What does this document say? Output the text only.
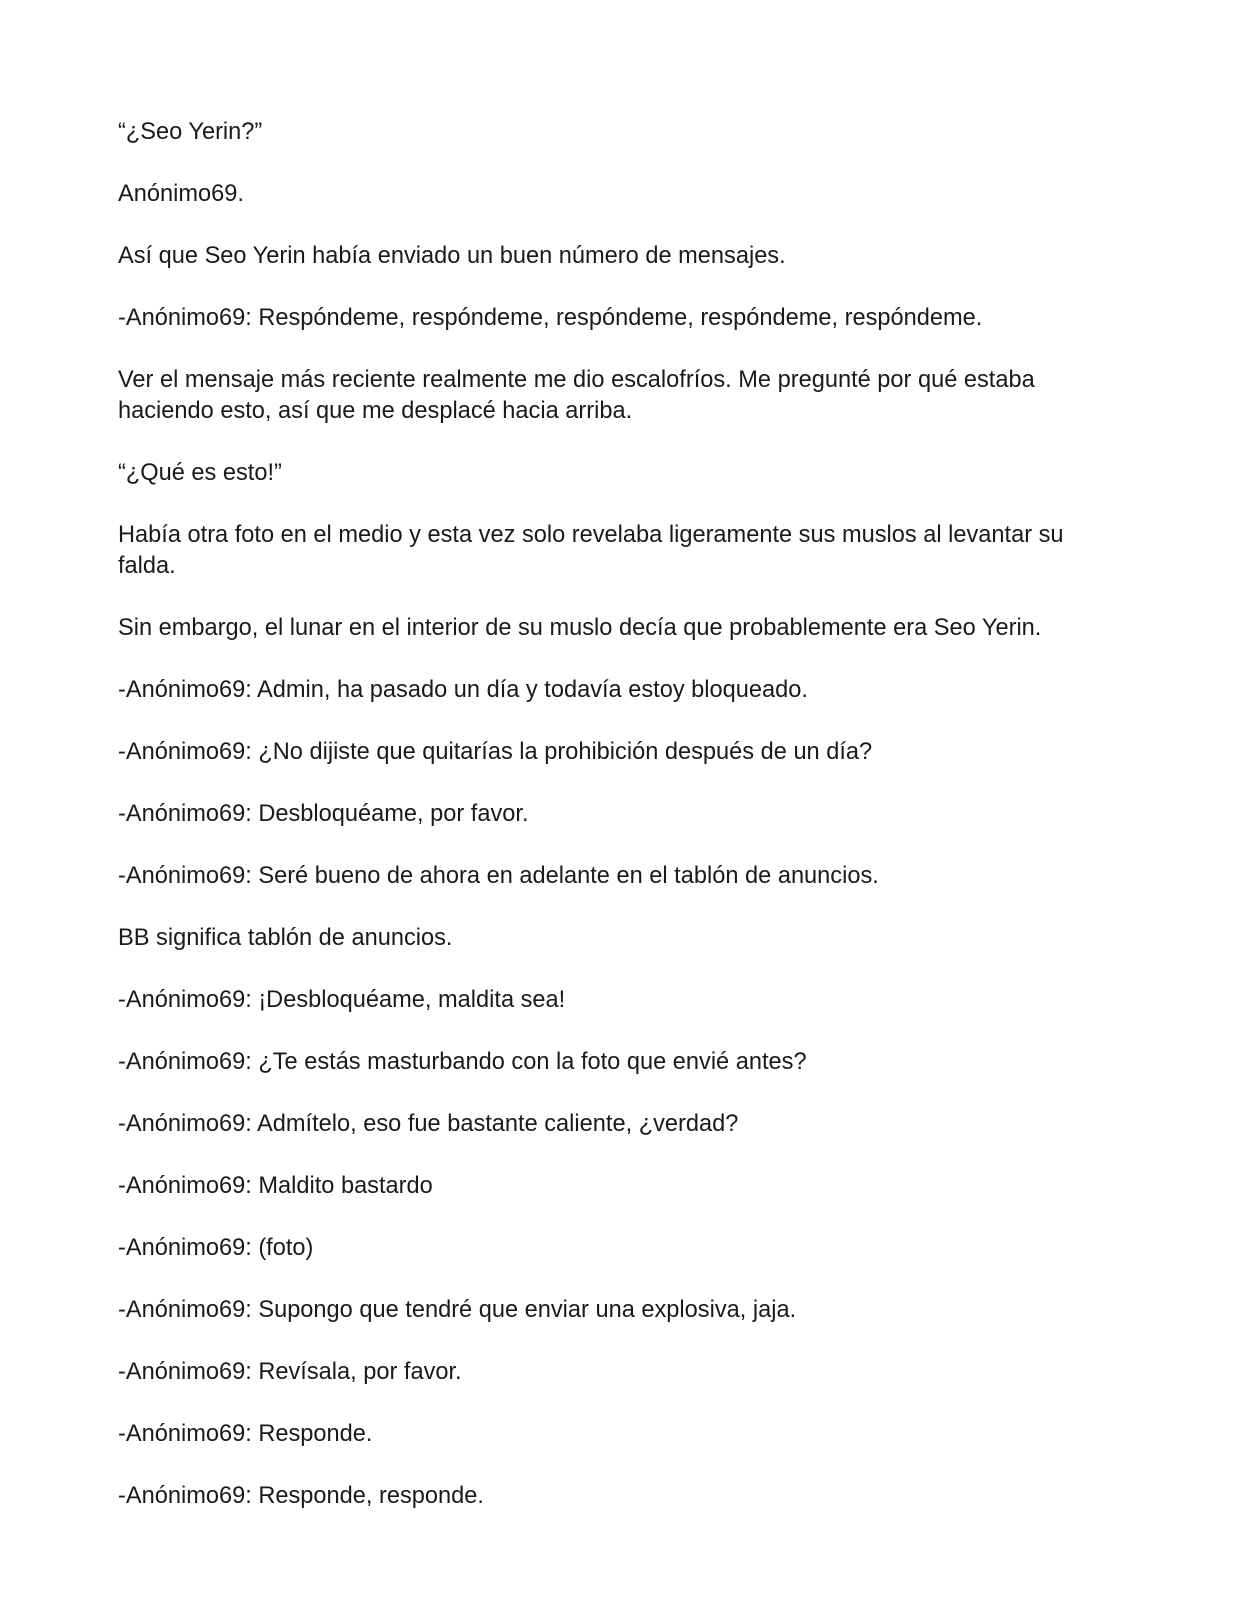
“¿Seo Yerin?”

Anónimo69.

Así que Seo Yerin había enviado un buen número de mensajes.

-Anónimo69: Respóndeme, respóndeme, respóndeme, respóndeme, respóndeme.

Ver el mensaje más reciente realmente me dio escalofríos. Me pregunté por qué estaba haciendo esto, así que me desplacé hacia arriba.

“¿Qué es esto!”

Había otra foto en el medio y esta vez solo revelaba ligeramente sus muslos al levantar su falda.

Sin embargo, el lunar en el interior de su muslo decía que probablemente era Seo Yerin.

-Anónimo69: Admin, ha pasado un día y todavía estoy bloqueado.

-Anónimo69: ¿No dijiste que quitarías la prohibición después de un día?

-Anónimo69: Desbloquéame, por favor.

-Anónimo69: Seré bueno de ahora en adelante en el tablón de anuncios.

BB significa tablón de anuncios.

-Anónimo69: ¡Desbloquéame, maldita sea!

-Anónimo69: ¿Te estás masturbando con la foto que envié antes?

-Anónimo69: Admítelo, eso fue bastante caliente, ¿verdad?

-Anónimo69: Maldito bastardo

-Anónimo69: (foto)

-Anónimo69: Supongo que tendré que enviar una explosiva, jaja.

-Anónimo69: Revísala, por favor.

-Anónimo69: Responde.

-Anónimo69: Responde, responde.
